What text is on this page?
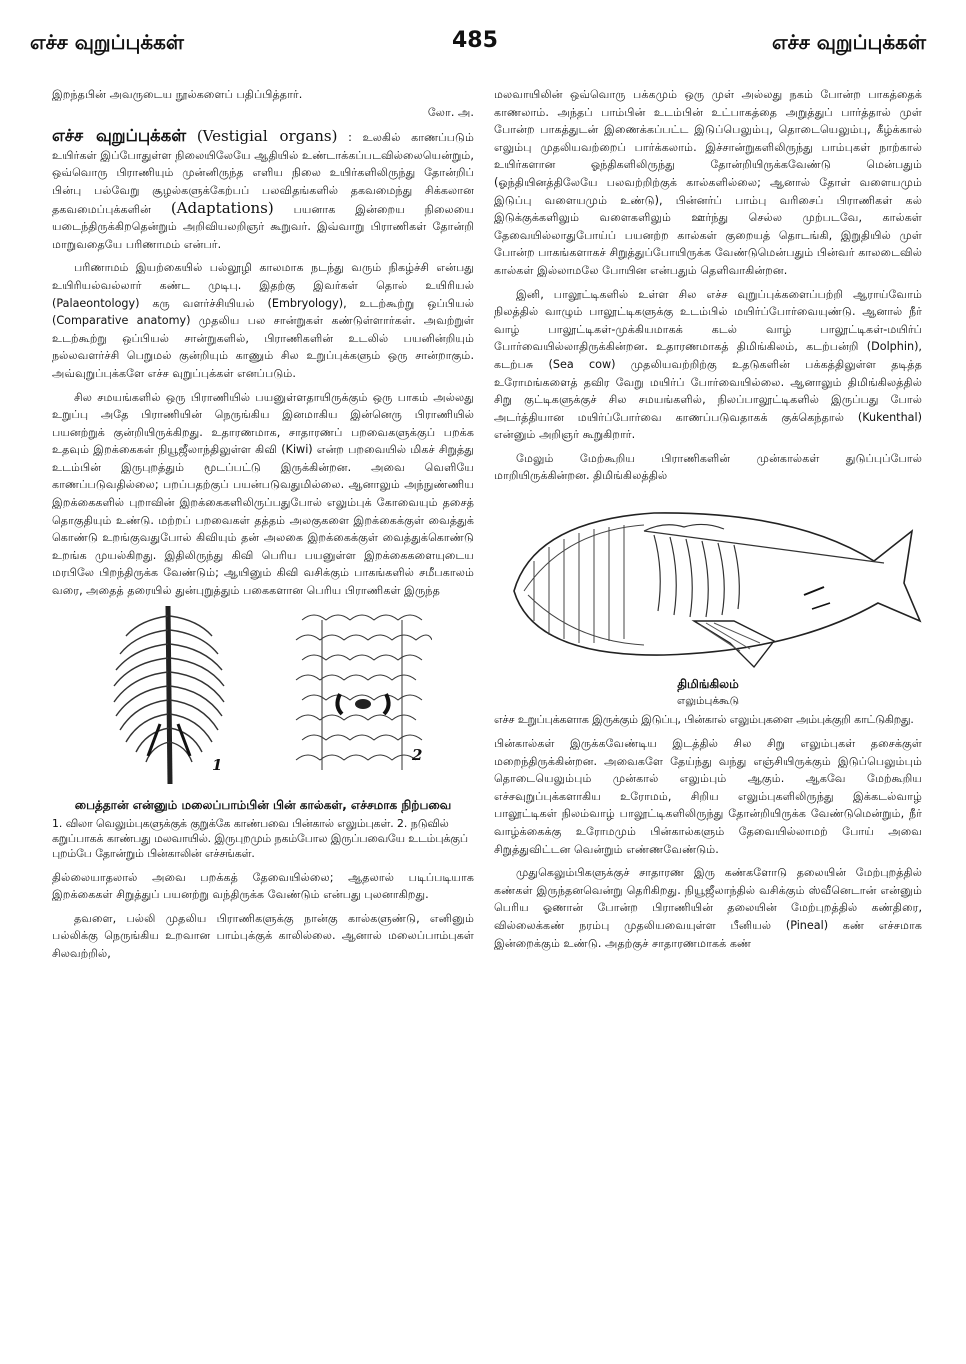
எச்ச வுறுப்புக்கள்	485	எச்ச வுறுப்புக்கள்

இறந்தபின் அவருடைய நூல்களைப் பதிப்பித்தார்.
லோ. அ.

எச்ச வுறுப்புக்கள் (Vestigial organs) : உலகில் காணப்படும் உயிர்கள் இப்போதுள்ள நிலையிலேயே ஆதியில் உண்டாக்கப்படவில்லையென்றும், ஒவ்வொரு பிராணியும் முன்னிருந்த எளிய நிலை உயிர்களிலிருந்து தோன்றிப் பின்பு பல்வேறு சூழல்களுக்கேற்பப் பலவிதங்களில் தகவமைந்து சிக்கலான தகவமைப்புக்களின் (Adaptations) பயனாக இன்றைய நிலையை யடைந்திருக்கிறதென்றும் அறிவியலறிஞர் கூறுவர். இவ்வாறு பிராணிகள் தோன்றி மாறுவதையே பரிணாமம் என்பர்.

பரிணாமம் இயற்கையில் பல்லூழி காலமாக நடந்து வரும் நிகழ்ச்சி என்பது உயிரியல்வல்லார் கண்ட முடிபு. இதற்கு இவர்கள் தொல் உயிரியல் (Palaeontology) கரு வளர்ச்சியியல் (Embryology), உடற்கூற்று ஒப்பியல் (Comparative anatomy) முதலிய பல சான்றுகள் கண்டுள்ளார்கள். அவற்றுள் உடற்கூற்று ஒப்பியல் சான்றுகளில், பிராணிகளின் உடலில் பயனின்றியும் நல்லவளர்ச்சி பெறுமல் குன்றியும் காணும் சில உறுப்புக்களும் ஒரு சான்றாகும். அவ்வுறுப்புக்களே எச்ச வுறுப்புக்கள் எனப்படும்.

சில சமயங்களில் ஒரு பிராணியில் பயனுள்ளதாயிருக்கும் ஒரு பாகம் அல்லது உறுப்பு அதே பிராணியின் நெருங்கிய இனமாகிய இன்னெரு பிராணியில் பயனற்றுக் குன்றியிருக்கிறது. உதாரணமாக, சாதாரணப் பறவைகளுக்குப் பறக்க உதவும் இறக்கைகள் நியூஜீலாந்திலுள்ள கிவி (Kiwi) என்ற பறவையில் மிகச் சிறுத்து உடம்பின் இருபுறத்தும் மூடப்பட்டு இருக்கின்றன. அவை வெளியே காணப்படுவதில்லை; பறப்பதற்குப் பயன்படுவதுமில்லை. ஆனாலும் அந்நுண்ணிய இறக்கைகளில் புறாவின் இறக்கைகளிலிருப்பதுபோல் எலும்புக் கோவையும் தசைத் தொகுதியும் உண்டு. மற்றப் பறவைகள் தத்தம் அலகுகளை இறக்கைக்குள் வைத்துக் கொண்டு உறங்குவதுபோல் கிவியும் தன் அலகை இறக்கைக்குள் வைத்துக்கொண்டு உறங்க முயல்கிறது. இதிலிருந்து கிவி பெரிய பயனுள்ள இறக்கைகளையுடைய மரபிலே பிறந்திருக்க வேண்டும்; ஆயினும் கிவி வசிக்கும் பாகங்களில் சமீபகாலம் வரை, அதைத் தரையில் துன்புறுத்தும் பகைகளான பெரிய பிராணிகள் இருந்த

1
2
பைத்தான் என்னும் மலைப்பாம்பின் பின் கால்கள், எச்சமாக நிற்பவை
1. விலா வெலும்புகளுக்குக் குறுக்கே காண்பவை பின்கால் எலும்புகள். 2. நடுவில் கறுப்பாகக் காண்பது மலவாயில். இருபுறமும் நகம்போல இருப்பவையே உடம்புக்குப் புறம்பே தோன்றும் பின்காலின் எச்சங்கள்.

தில்லையாதலால் அவை பறக்கத் தேவையில்லை; ஆதலால் படிப்படியாக இறக்கைகள் சிறுத்துப் பயனற்று வந்திருக்க வேண்டும் என்பது புலனாகிறது.

தவளை, பல்லி முதலிய பிராணிகளுக்கு நான்கு கால்களுண்டு, எனினும் பல்லிக்கு நெருங்கிய உறவான பாம்புக்குக் காலில்லை. ஆனால் மலைப்பாம்புகள் சிலவற்றில்,

மலவாயிலின் ஒவ்வொரு பக்கமும் ஒரு முள் அல்லது நகம் போன்ற பாகத்தைக் காணலாம். அந்தப் பாம்பின் உடம்பின் உட்பாகத்தை அறுத்துப் பார்த்தால் முள் போன்ற பாகத்துடன் இணைக்கப்பட்ட இடுப்பெலும்பு, தொடையெலும்பு, கீழ்க்கால் எலும்பு முதலியவற்றைப் பார்க்கலாம். இச்சான்றுகளிலிருந்து பாம்புகள் நாற்கால் உயிர்களான ஓந்திகளிலிருந்து தோன்றியிருக்கவேண்டு மென்பதும் (ஓந்தியினத்திலேயே பலவற்றிற்குக் கால்களில்லை; ஆனால் தோள் வளையமும் இடுப்பு வளையமும் உண்டு), பின்னர்ப் பாம்பு வரிசைப் பிராணிகள் கல் இடுக்குக்களிலும் வளைகளிலும் ஊர்ந்து செல்ல முற்படவே, கால்கள் தேவையில்லாதுபோய்ப் பயனற்ற கால்கள் குறையத் தொடங்கி, இறுதியில் முள் போன்ற பாகங்களாகச் சிறுத்துப்போயிருக்க வேண்டுமென்பதும் பின்வர் காலடைவில் கால்கள் இல்லாமலே போயின என்பதும் தெளிவாகின்றன.

இனி, பாலூட்டிகளில் உள்ள சில எச்ச வுறுப்புக்களைப்பற்றி ஆராய்வோம் நிலத்தில் வாழும் பாலூட்டிகளுக்கு உடம்பில் மயிர்ப்போர்வையுண்டு. ஆனால் நீர் வாழ் பாலூட்டிகள்-முக்கியமாகக் கடல் வாழ் பாலூட்டிகள்-மயிர்ப் போர்வையில்லாதிருக்கின்றன. உதாரணமாகத் திமிங்கிலம், கடற்பன்றி (Dolphin), கடற்பசு (Sea cow) முதலியவற்றிற்கு உதடுகளின் பக்கத்திலுள்ள தடித்த உரோமங்களைத் தவிர வேறு மயிர்ப் போர்வையில்லை. ஆனாலும் திமிங்கிலத்தில் சிறு குட்டிகளுக்குச் சில சமயங்களில், நிலப்பாலூட்டிகளில் இருப்பது போல் அடர்த்தியான மயிர்ப்போர்வை காணப்படுவதாகக் குக்கெந்தால் (Kukenthal) என்னும் அறிஞர் கூறுகிறார்.

மேலும் மேற்கூறிய பிராணிகளின் முன்கால்கள் துடுப்புப்போல் மாறியிருக்கின்றன. திமிங்கிலத்தில்

திமிங்கிலம்
எலும்புக்கூடு
எச்ச உறுப்புக்களாக இருக்கும் இடுப்பு, பின்கால் எலும்புகளை அம்புக்குறி காட்டுகிறது.

பின்கால்கள் இருக்கவேண்டிய இடத்தில் சில சிறு எலும்புகள் தசைக்குள் மறைந்திருக்கின்றன. அவைகளே தேய்ந்து வந்து எஞ்சியிருக்கும் இடுப்பெலும்பும் தொடையெலும்பும் முன்கால் எலும்பும் ஆகும். ஆகவே மேற்கூறிய எச்சவுறுப்புக்களாகிய உரோமம், சிறிய எலும்புகளிலிருந்து இக்கடல்வாழ் பாலூட்டிகள் நிலம்வாழ் பாலூட்டிகளிலிருந்து தோன்றியிருக்க வேண்டுமென்றும், நீர் வாழ்க்கைக்கு உரோமமும் பின்கால்களும் தேவையில்லாமற் போய் அவை சிறுத்துவிட்டன வென்றும் எண்ணவேண்டும்.

முதுகெலும்பிகளுக்குச் சாதாரண இரு கண்களோடு தலையின் மேற்புறத்தில் கண்கள் இருந்தனவென்று தெரிகிறது. நியூஜீலாந்தில் வசிக்கும் ஸ்வீனெடான் என்னும் பெரிய ஓணான் போன்ற பிராணியின் தலையின் மேற்புறத்தில் கண்திரை, வில்லைக்கண் நரம்பு முதலியவையுள்ள பீனியல் (Pineal) கண் எச்சமாக இன்றைக்கும் உண்டு. அதற்குச் சாதாரணமாகக் கண்
